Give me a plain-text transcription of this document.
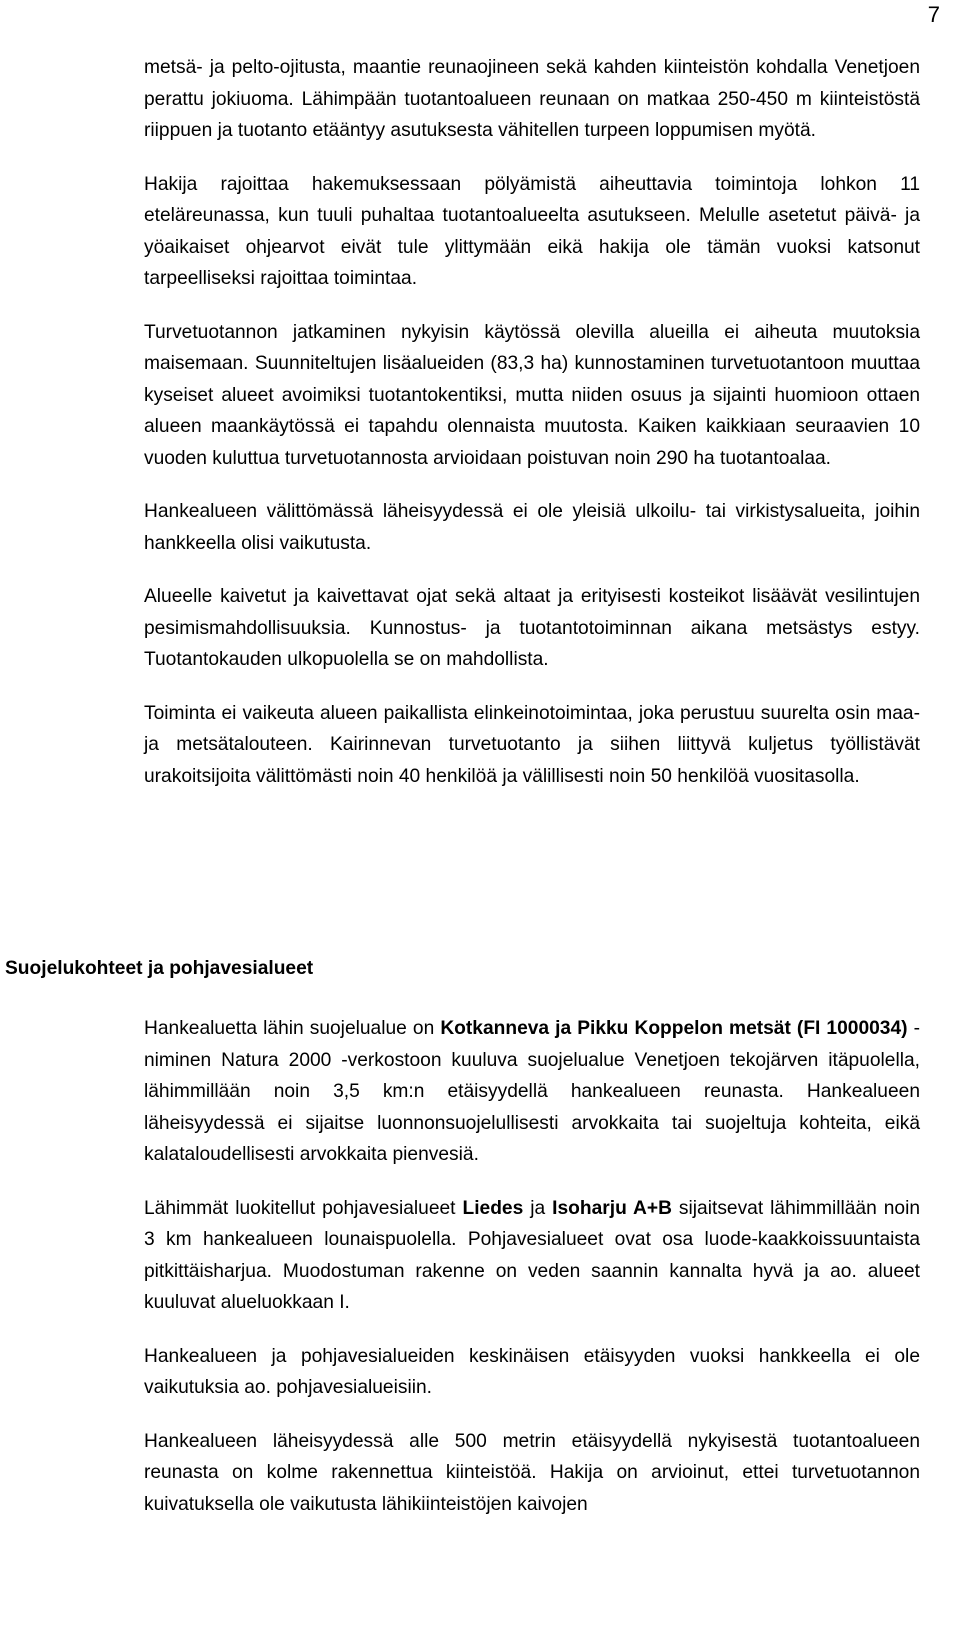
7

metsä- ja pelto-ojitusta, maantie reunaojineen sekä kahden kiinteistön kohdalla Venetjoen perattu jokiuoma. Lähimpään tuotantoalueen reunaan on matkaa 250-450 m kiinteistöstä riippuen ja tuotanto etääntyy asutuksesta vähitellen turpeen loppumisen myötä.

Hakija rajoittaa hakemuksessaan pölyämistä aiheuttavia toimintoja lohkon 11 eteläreunassa, kun tuuli puhaltaa tuotantoalueelta asutukseen. Melulle asetetut päivä- ja yöaikaiset ohjearvot eivät tule ylittymään eikä hakija ole tämän vuoksi katsonut tarpeelliseksi rajoittaa toimintaa.

Turvetuotannon jatkaminen nykyisin käytössä olevilla alueilla ei aiheuta muutoksia maisemaan. Suunniteltujen lisäalueiden (83,3 ha) kunnostaminen turvetuotantoon muuttaa kyseiset alueet avoimiksi tuotantokentiksi, mutta niiden osuus ja sijainti huomioon ottaen alueen maankäytössä ei tapahdu olennaista muutosta. Kaiken kaikkiaan seuraavien 10 vuoden kuluttua turvetuotannosta arvioidaan poistuvan noin 290 ha tuotantoalaa.

Hankealueen välittömässä läheisyydessä ei ole yleisiä ulkoilu- tai virkistysalueita, joihin hankkeella olisi vaikutusta.

Alueelle kaivetut ja kaivettavat ojat sekä altaat ja erityisesti kosteikot lisäävät vesilintujen pesimismahdollisuuksia. Kunnostus- ja tuotantotoiminnan aikana metsästys estyy. Tuotantokauden ulkopuolella se on mahdollista.

Toiminta ei vaikeuta alueen paikallista elinkeinotoimintaa, joka perustuu suurelta osin maa- ja metsätalouteen. Kairinnevan turvetuotanto ja siihen liittyvä kuljetus työllistävät urakoitsijoita välittömästi noin 40 henkilöä ja välillisesti noin 50 henkilöä vuositasolla.

Suojelukohteet ja pohjavesialueet

Hankealuetta lähin suojelualue on Kotkanneva ja Pikku Koppelon metsät (FI 1000034) -niminen Natura 2000 -verkostoon kuuluva suojelualue Venetjoen tekojärven itäpuolella, lähimmillään noin 3,5 km:n etäisyydellä hankealueen reunasta. Hankealueen läheisyydessä ei sijaitse luonnonsuojelullisesti arvokkaita tai suojeltuja kohteita, eikä kalataloudellisesti arvokkaita pienvesiä.

Lähimmät luokitellut pohjavesialueet Liedes ja Isoharju A+B sijaitsevat lähimmillään noin 3 km hankealueen lounaispuolella. Pohjavesialueet ovat osa luode-kaakkoissuuntaista pitkittäisharjua. Muodostuman rakenne on veden saannin kannalta hyvä ja ao. alueet kuuluvat alueluokkaan I.

Hankealueen ja pohjavesialueiden keskinäisen etäisyyden vuoksi hankkeella ei ole vaikutuksia ao. pohjavesialueisiin.

Hankealueen läheisyydessä alle 500 metrin etäisyydellä nykyisestä tuotantoalueen reunasta on kolme rakennettua kiinteistöä. Hakija on arvioinut, ettei turvetuotannon kuivatuksella ole vaikutusta lähikiinteistöjen kaivojen
